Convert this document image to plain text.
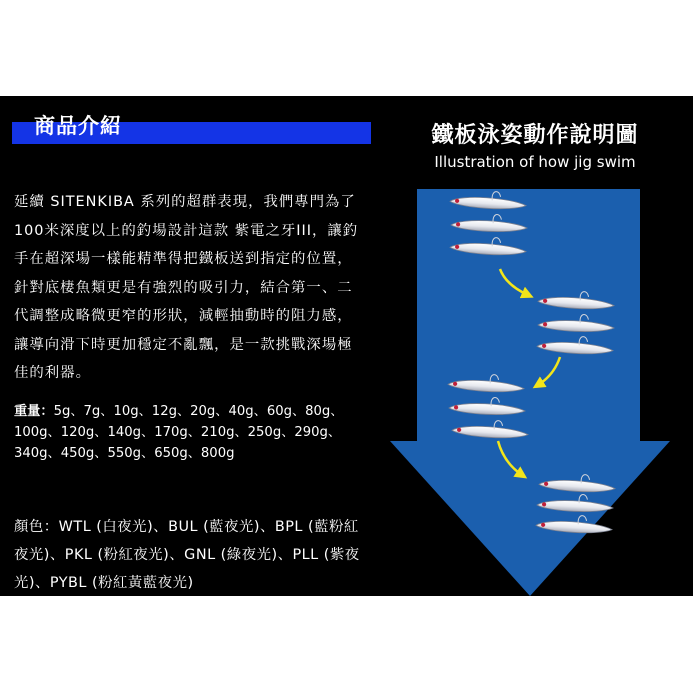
商品介紹
延續 SITENKIBA 系列的超群表現，我們專門為了100米深度以上的釣場設計這款 紫電之牙III，讓釣手在超深場一樣能精準得把鐵板送到指定的位置，針對底棲魚類更是有強烈的吸引力，結合第一、二代調整成略微更窄的形狀，減輕抽動時的阻力感，讓導向滑下時更加穩定不亂飄，是一款挑戰深場極佳的利器。
重量：5g、7g、10g、12g、20g、40g、60g、80g、100g、120g、140g、170g、210g、250g、290g、340g、450g、550g、650g、800g
顏色：WTL (白夜光)、BUL (藍夜光)、BPL (藍粉紅夜光)、PKL (粉紅夜光)、GNL (綠夜光)、PLL (紫夜光)、PYBL (粉紅黃藍夜光)
鐵板泳姿動作說明圖
Illustration of how jig swim
